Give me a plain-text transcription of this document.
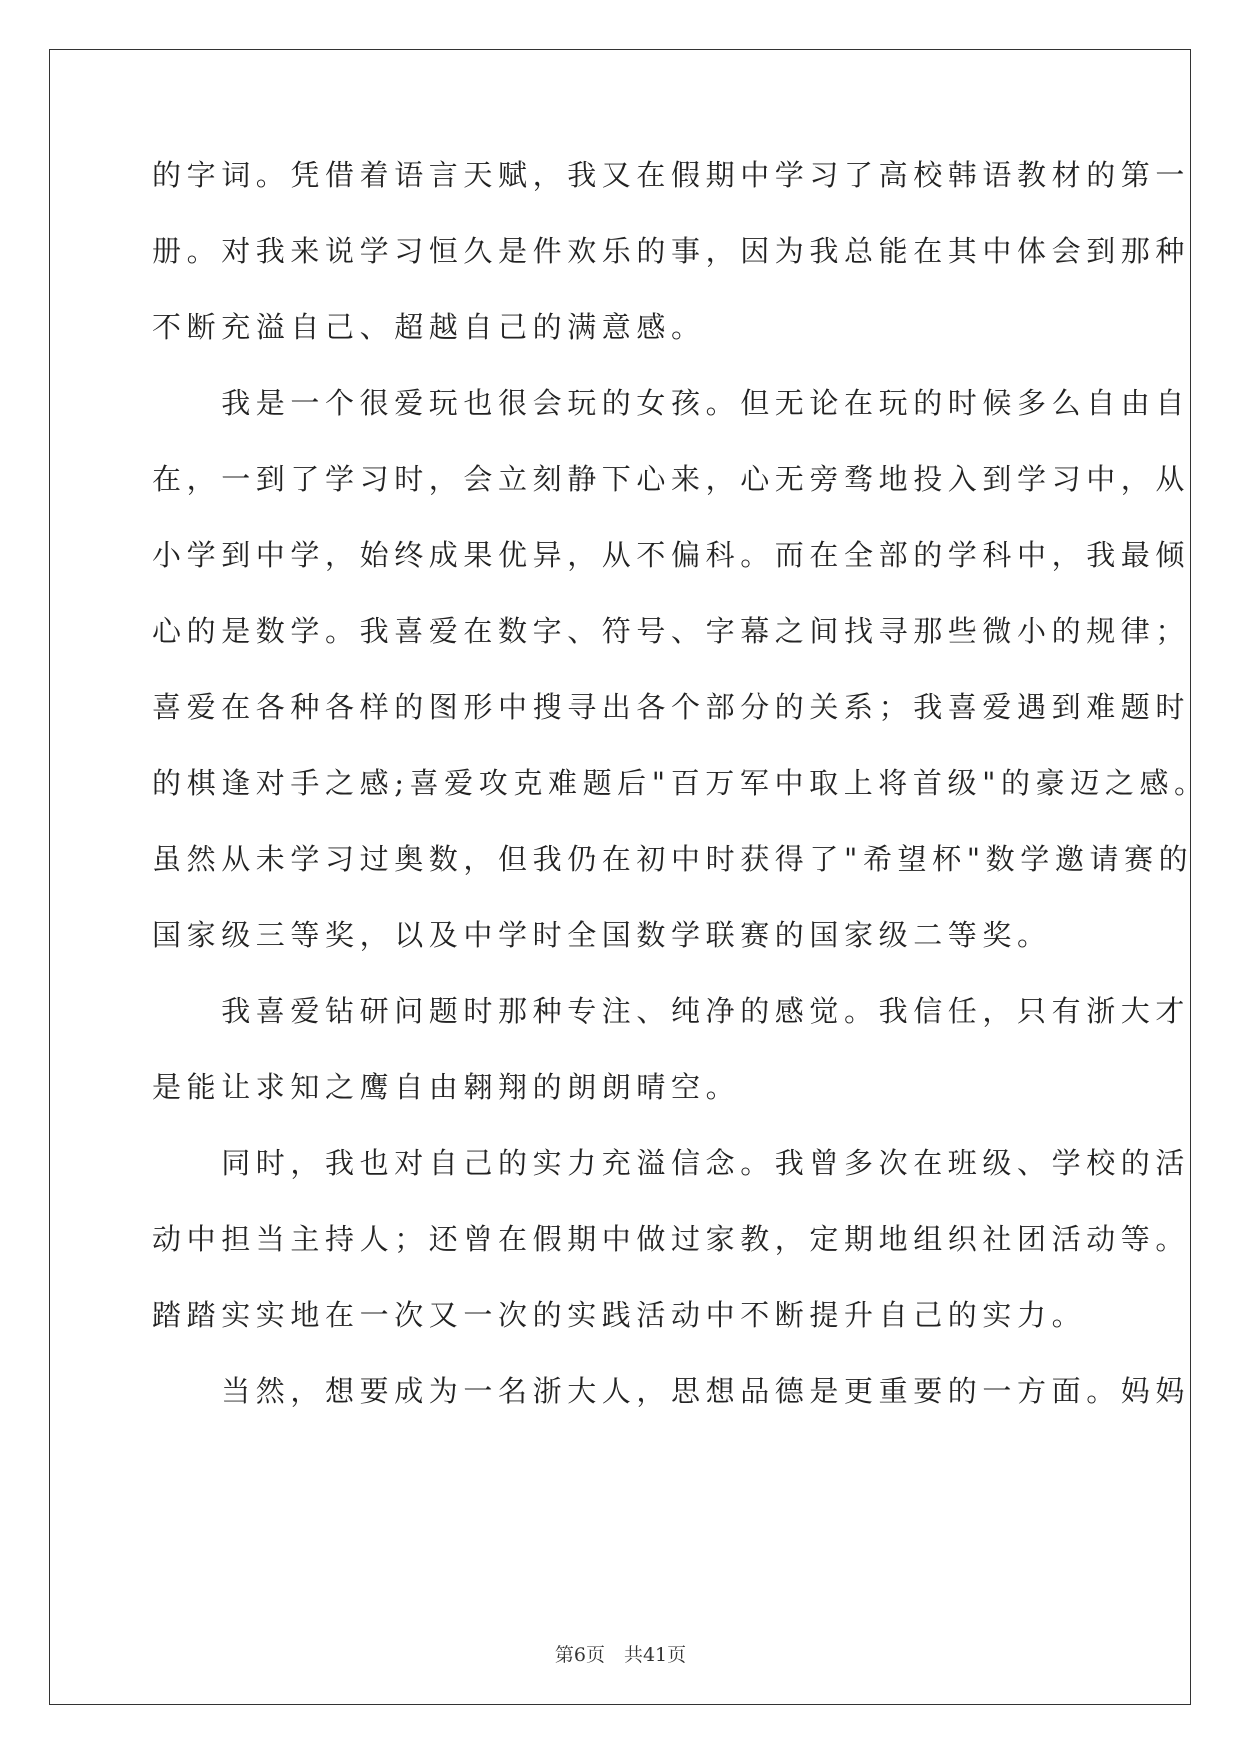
的字词。凭借着语言天赋，我又在假期中学习了高校韩语教材的第一
册。对我来说学习恒久是件欢乐的事，因为我总能在其中体会到那种
不断充溢自己、超越自己的满意感。
　　我是一个很爱玩也很会玩的女孩。但无论在玩的时候多么自由自
在，一到了学习时，会立刻静下心来，心无旁骛地投入到学习中，从
小学到中学，始终成果优异，从不偏科。而在全部的学科中，我最倾
心的是数学。我喜爱在数字、符号、字幕之间找寻那些微小的规律；
喜爱在各种各样的图形中搜寻出各个部分的关系；我喜爱遇到难题时
的棋逢对手之感;喜爱攻克难题后"百万军中取上将首级"的豪迈之感。
虽然从未学习过奥数，但我仍在初中时获得了"希望杯"数学邀请赛的
国家级三等奖，以及中学时全国数学联赛的国家级二等奖。
　　我喜爱钻研问题时那种专注、纯净的感觉。我信任，只有浙大才
是能让求知之鹰自由翱翔的朗朗晴空。
　　同时，我也对自己的实力充溢信念。我曾多次在班级、学校的活
动中担当主持人；还曾在假期中做过家教，定期地组织社团活动等。
踏踏实实地在一次又一次的实践活动中不断提升自己的实力。
　　当然，想要成为一名浙大人，思想品德是更重要的一方面。妈妈
第6页　共41页
